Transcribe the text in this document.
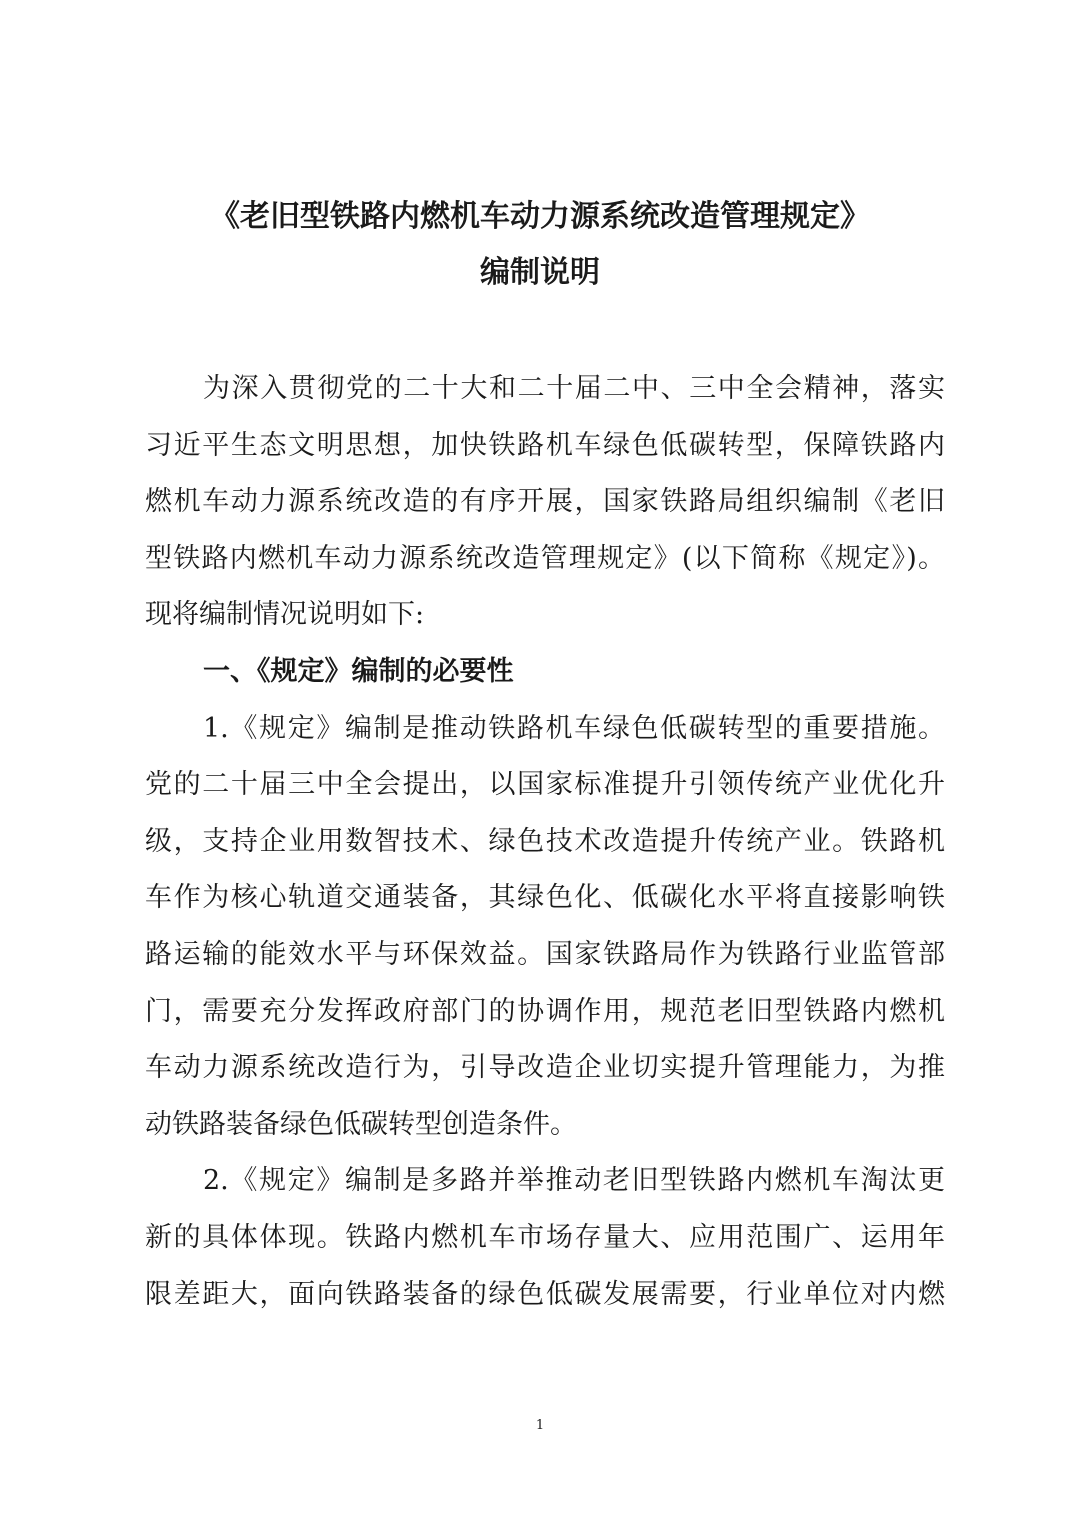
《老旧型铁路内燃机车动力源系统改造管理规定》
编制说明
为深入贯彻党的二十大和二十届二中、三中全会精神，落实
习近平生态文明思想，加快铁路机车绿色低碳转型，保障铁路内
燃机车动力源系统改造的有序开展，国家铁路局组织编制《老旧
型铁路内燃机车动力源系统改造管理规定》(以下简称《规定》)。
现将编制情况说明如下:
一、《规定》编制的必要性
1.《规定》编制是推动铁路机车绿色低碳转型的重要措施。
党的二十届三中全会提出，以国家标准提升引领传统产业优化升
级，支持企业用数智技术、绿色技术改造提升传统产业。铁路机
车作为核心轨道交通装备，其绿色化、低碳化水平将直接影响铁
路运输的能效水平与环保效益。国家铁路局作为铁路行业监管部
门，需要充分发挥政府部门的协调作用，规范老旧型铁路内燃机
车动力源系统改造行为，引导改造企业切实提升管理能力，为推
动铁路装备绿色低碳转型创造条件。
2.《规定》编制是多路并举推动老旧型铁路内燃机车淘汰更
新的具体体现。铁路内燃机车市场存量大、应用范围广、运用年
限差距大，面向铁路装备的绿色低碳发展需要，行业单位对内燃
1
